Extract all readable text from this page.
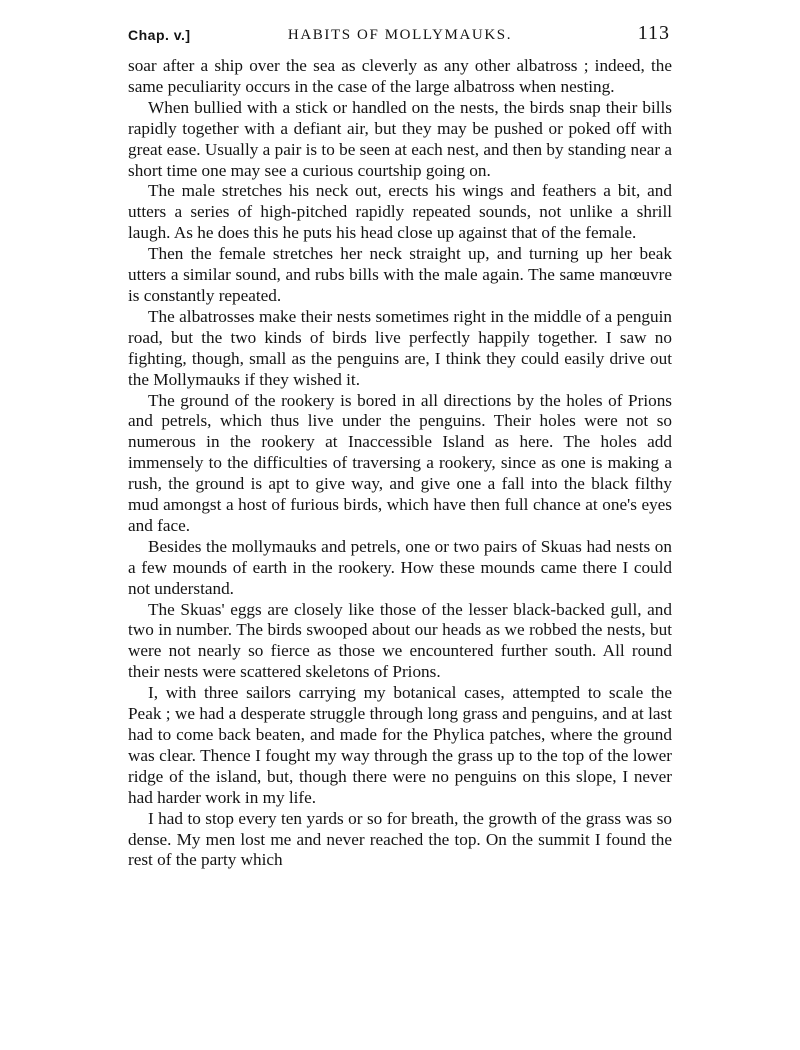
Chap. v.]	HABITS OF MOLLYMAUKS.	113

soar after a ship over the sea as cleverly as any other albatross ; indeed, the same peculiarity occurs in the case of the large albatross when nesting.

When bullied with a stick or handled on the nests, the birds snap their bills rapidly together with a defiant air, but they may be pushed or poked off with great ease. Usually a pair is to be seen at each nest, and then by standing near a short time one may see a curious courtship going on.

The male stretches his neck out, erects his wings and feathers a bit, and utters a series of high-pitched rapidly repeated sounds, not unlike a shrill laugh. As he does this he puts his head close up against that of the female.

Then the female stretches her neck straight up, and turning up her beak utters a similar sound, and rubs bills with the male again. The same manœuvre is constantly repeated.

The albatrosses make their nests sometimes right in the middle of a penguin road, but the two kinds of birds live perfectly happily together. I saw no fighting, though, small as the penguins are, I think they could easily drive out the Mollymauks if they wished it.

The ground of the rookery is bored in all directions by the holes of Prions and petrels, which thus live under the penguins. Their holes were not so numerous in the rookery at Inaccessible Island as here. The holes add immensely to the difficulties of traversing a rookery, since as one is making a rush, the ground is apt to give way, and give one a fall into the black filthy mud amongst a host of furious birds, which have then full chance at one's eyes and face.

Besides the mollymauks and petrels, one or two pairs of Skuas had nests on a few mounds of earth in the rookery. How these mounds came there I could not understand.

The Skuas' eggs are closely like those of the lesser black-backed gull, and two in number. The birds swooped about our heads as we robbed the nests, but were not nearly so fierce as those we encountered further south. All round their nests were scattered skeletons of Prions.

I, with three sailors carrying my botanical cases, attempted to scale the Peak ; we had a desperate struggle through long grass and penguins, and at last had to come back beaten, and made for the Phylica patches, where the ground was clear. Thence I fought my way through the grass up to the top of the lower ridge of the island, but, though there were no penguins on this slope, I never had harder work in my life.

I had to stop every ten yards or so for breath, the growth of the grass was so dense. My men lost me and never reached the top. On the summit I found the rest of the party which
